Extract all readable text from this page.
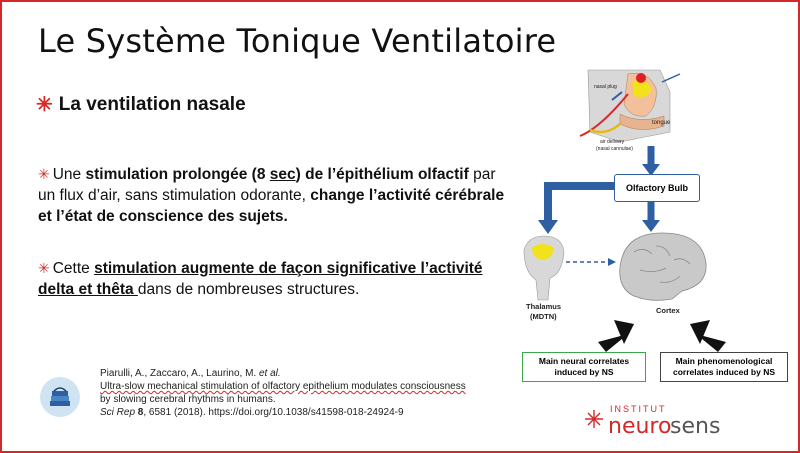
Le Système Tonique Ventilatoire
✳ La ventilation nasale
✳ Une stimulation prolongée (8 sec) de l’épithélium olfactif par un flux d’air, sans stimulation odorante, change l’activité cérébrale et l’état de conscience des sujets.
✳ Cette stimulation augmente de façon significative l’activité delta et thêta dans de nombreuses structures.
Piarulli, A., Zaccaro, A., Laurino, M. et al.
Ultra-slow mechanical stimulation of olfactory epithelium modulates consciousness
by slowing cerebral rhythms in humans.
Sci Rep 8, 6581 (2018). https://doi.org/10.1038/s41598-018-24924-9
nasal plug
tongue
air delivery
(nasal cannulae)
Olfactory Bulb
Thalamus
(MDTN)
Cortex
Main neural correlates induced by NS
Main phenomenological correlates induced by NS
INSTITUT
neuro
sens
